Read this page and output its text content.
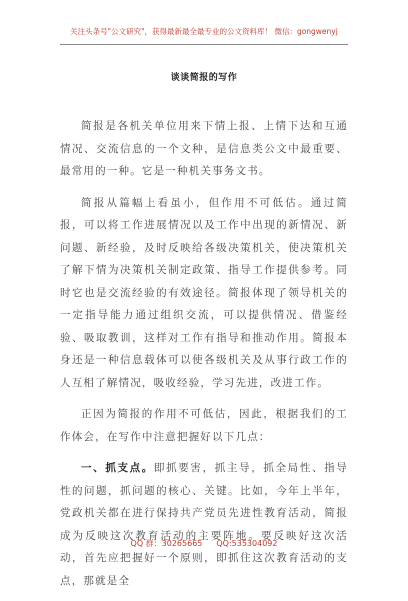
关注头条号"公文研究"，获得最新最全最专业的公文资料库！ 微信：gongwenyj
谈谈简报的写作

简报是各机关单位用来下情上报、上情下达和互通情况、交流信息的一个文种，是信息类公文中最重要、最常用的一种。它是一种机关事务文书。

简报从篇幅上看虽小，但作用不可低估。通过简报，可以将工作进展情况以及工作中出现的新情况、新问题、新经验，及时反映给各级决策机关，使决策机关了解下情为决策机关制定政策、指导工作提供参考。同时它也是交流经验的有效途径。简报体现了领导机关的一定指导能力通过组织交流，可以提供情况、借鉴经验、吸取教训，这样对工作有指导和推动作用。简报本身还是一种信息载体可以使各级机关及从事行政工作的人互相了解情况，吸收经验，学习先进，改进工作。

正因为简报的作用不可低估，因此，根据我们的工作体会，在写作中注意把握好以下几点：

一、抓支点。即抓要害，抓主导，抓全局性、指导性的问题，抓问题的核心、关键。比如，今年上半年，党政机关都在进行保持共产党员先进性教育活动，简报成为反映这次教育活动的主要阵地。要反映好这次活动，首先应把握好一个原则，即抓住这次教育活动的支点，那就是全

QQ 群：30265665 QQ:535304092
